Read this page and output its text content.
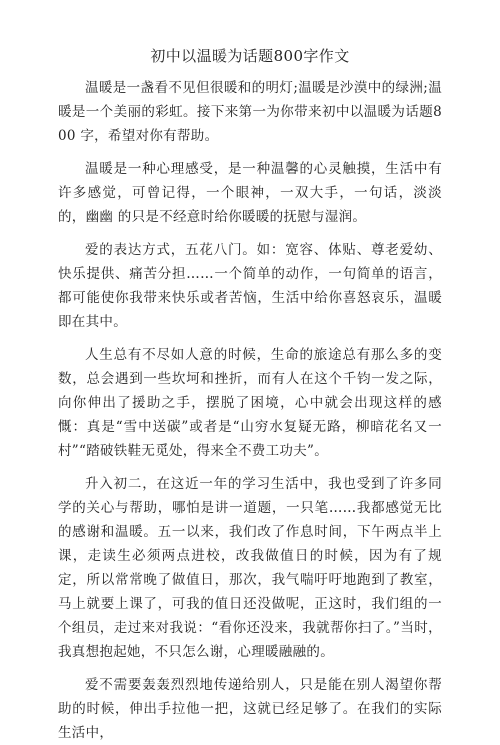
初中以温暖为话题800字作文

温暖是一盏看不见但很暖和的明灯;温暖是沙漠中的绿洲;温暖是一个美丽的彩虹。接下来第一为你带来初中以温暖为话题800 字，希望对你有帮助。

温暖是一种心理感受，是一种温馨的心灵触摸，生活中有许多感觉，可曾记得，一个眼神，一双大手，一句话，淡淡的，幽幽 的只是不经意时给你暖暖的抚慰与湿润。

爱的表达方式，五花八门。如：宽容、体贴、尊老爱幼、快乐提供、痛苦分担……一个简单的动作，一句简单的语言，都可能使你我带来快乐或者苦恼，生活中给你喜怒哀乐，温暖即在其中。

人生总有不尽如人意的时候，生命的旅途总有那么多的变数，总会遇到一些坎坷和挫折，而有人在这个千钧一发之际，向你伸出了援助之手，摆脱了困境，心中就会出现这样的感慨：真是“雪中送碳”或者是“山穷水复疑无路，柳暗花名又一村”“踏破铁鞋无觅处，得来全不费工功夫”。

升入初二，在这近一年的学习生活中，我也受到了许多同学的关心与帮助，哪怕是讲一道题，一只笔……我都感觉无比的感谢和温暖。五一以来，我们改了作息时间，下午两点半上课，走读生必须两点进校，改我做值日的时候，因为有了规定，所以常常晚了做值日，那次，我气喘吁吁地跑到了教室，马上就要上课了，可我的值日还没做呢，正这时，我们组的一个组员，走过来对我说：“看你还没来，我就帮你扫了。”当时，我真想抱起她，不只怎么谢，心理暖融融的。

爱不需要轰轰烈烈地传递给别人，只是能在别人渴望你帮助的时候，伸出手拉他一把，这就已经足够了。在我们的实际生活中，
